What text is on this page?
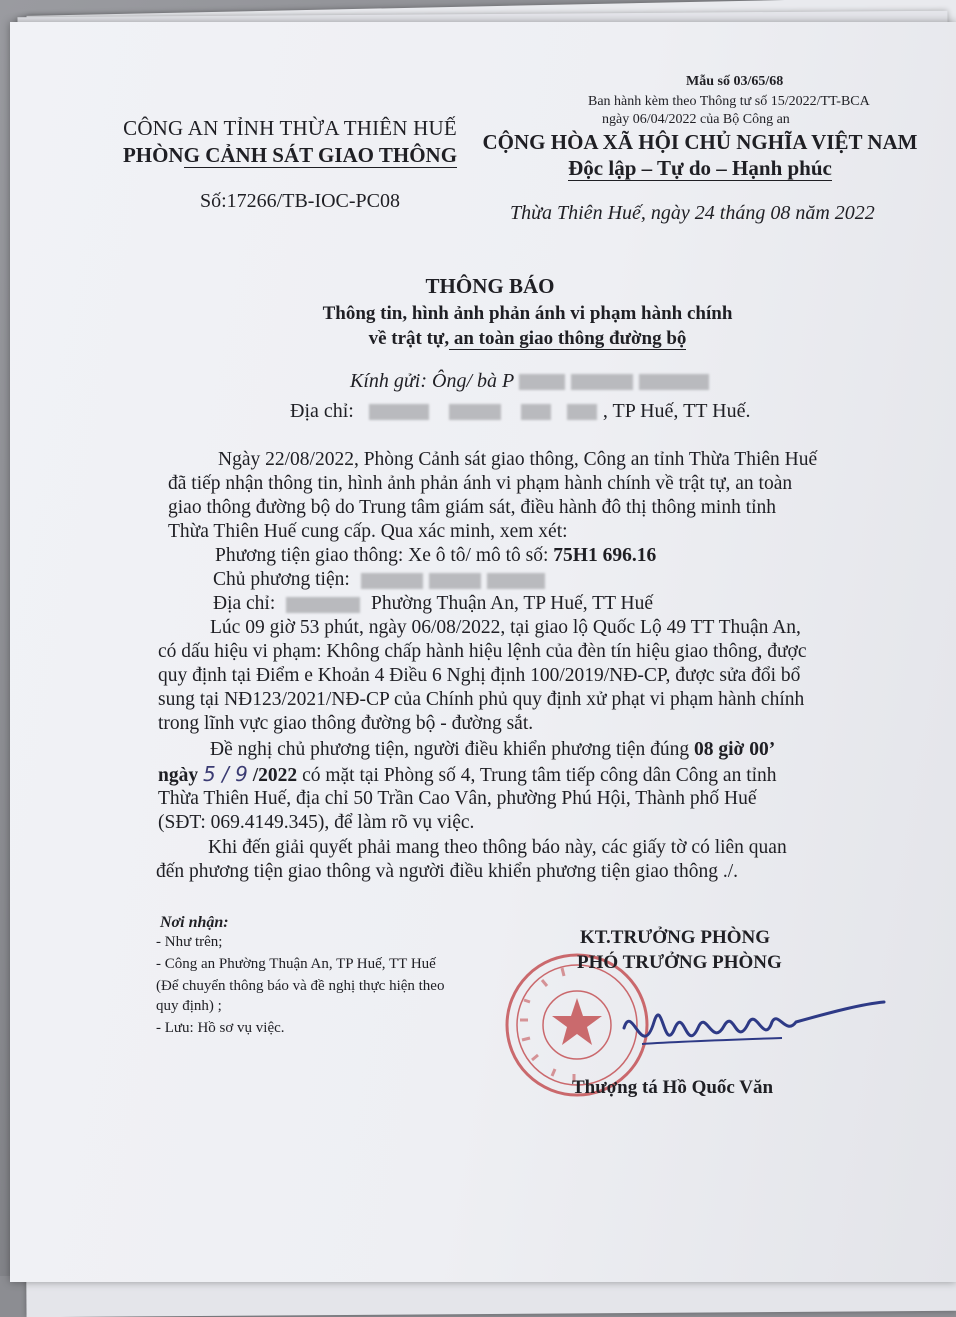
CÔNG AN TỈNH THỪA THIÊN HUẾ
PHÒNG CẢNH SÁT GIAO THÔNG
Số:17266/TB-IOC-PC08
Mẫu số 03/65/68
Ban hành kèm theo Thông tư số 15/2022/TT-BCA
ngày 06/04/2022 của Bộ Công an
CỘNG HÒA XÃ HỘI CHỦ NGHĨA VIỆT NAM
Độc lập – Tự do – Hạnh phúc
Thừa Thiên Huế, ngày 24 tháng 08 năm 2022
THÔNG BÁO
Thông tin, hình ảnh phản ánh vi phạm hành chính
về trật tự, an toàn giao thông đường bộ
Kính gửi: Ông/ bà P
Địa chỉ:	, TP Huế, TT Huế.
Ngày 22/08/2022, Phòng Cảnh sát giao thông, Công an tỉnh Thừa Thiên Huế
đã tiếp nhận thông tin, hình ảnh phản ánh vi phạm hành chính về trật tự, an toàn
giao thông đường bộ do Trung tâm giám sát, điều hành đô thị thông minh tỉnh
Thừa Thiên Huế cung cấp. Qua xác minh, xem xét:
Phương tiện giao thông: Xe ô tô/ mô tô số: 75H1 696.16
Chủ phương tiện:
Địa chỉ:	Phường Thuận An, TP Huế, TT Huế
Lúc 09 giờ 53 phút, ngày 06/08/2022, tại giao lộ Quốc Lộ 49 TT Thuận An,
có dấu hiệu vi phạm: Không chấp hành hiệu lệnh của đèn tín hiệu giao thông, được
quy định tại Điểm e Khoản 4 Điều 6 Nghị định 100/2019/NĐ-CP, được sửa đổi bổ
sung tại NĐ123/2021/NĐ-CP của Chính phủ quy định xử phạt vi phạm hành chính
trong lĩnh vực giao thông đường bộ - đường sắt.
Đề nghị chủ phương tiện, người điều khiển phương tiện đúng 08 giờ 00’
ngày 5 / 9 /2022 có mặt tại Phòng số 4, Trung tâm tiếp công dân Công an tỉnh
Thừa Thiên Huế, địa chỉ 50 Trần Cao Vân, phường Phú Hội, Thành phố Huế
(SĐT: 069.4149.345), để làm rõ vụ việc.
Khi đến giải quyết phải mang theo thông báo này, các giấy tờ có liên quan
đến phương tiện giao thông và người điều khiển phương tiện giao thông ./.
Nơi nhận:
- Như trên;
- Công an Phường Thuận An, TP Huế, TT Huế
(Để chuyển thông báo và đề nghị thực hiện theo
quy định) ;
- Lưu: Hồ sơ vụ việc.
KT.TRƯỞNG PHÒNG
PHÓ TRƯỞNG PHÒNG
Thượng tá Hồ Quốc Văn
